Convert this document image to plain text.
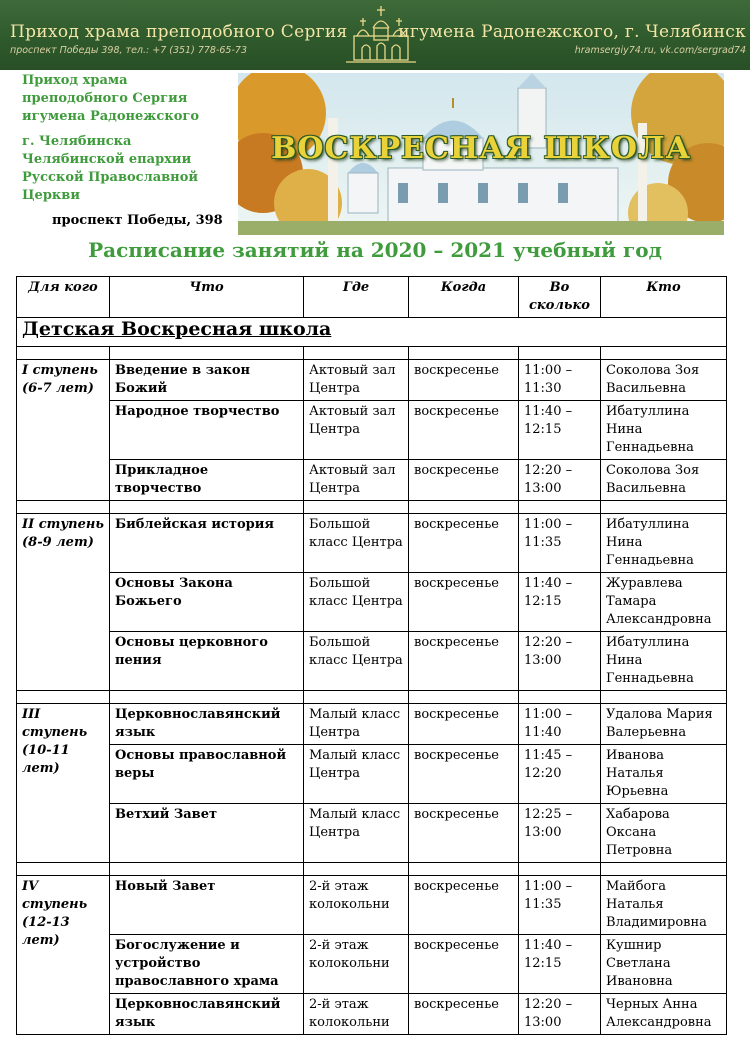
Приход храма преподобного Сергия	игумена Радонежского, г. Челябинск
проспект Победы 398, тел.: +7 (351) 778-65-73	hramsergiy74.ru, vk.com/sergrad74
Приход храма преподобного Сергия игумена Радонежского
г. Челябинска Челябинской епархии Русской Православной Церкви
проспект Победы, 398
ВОСКРЕСНАЯ ШКОЛА
Расписание занятий на 2020 – 2021 учебный год
Для кого	Что	Где	Когда	Во сколько	Кто
Детская Воскресная школа					

I ступень (6-7 лет)	Введение в закон Божий	Актовый зал Центра	воскресенье	11:00 – 11:30	Соколова Зоя Васильевна
	Народное творчество	Актовый зал Центра	воскресенье	11:40 – 12:15	Ибатуллина Нина Геннадьевна
	Прикладное творчество	Актовый зал Центра	воскресенье	12:20 – 13:00	Соколова Зоя Васильевна

II ступень (8-9 лет)	Библейская история	Большой класс Центра	воскресенье	11:00 – 11:35	Ибатуллина Нина Геннадьевна
	Основы Закона Божьего	Большой класс Центра	воскресенье	11:40 – 12:15	Журавлева Тамара Александровна
	Основы церковного пения	Большой класс Центра	воскресенье	12:20 – 13:00	Ибатуллина Нина Геннадьевна

III ступень (10-11 лет)	Церковнославянский язык	Малый класс Центра	воскресенье	11:00 – 11:40	Удалова Мария Валерьевна
	Основы православной веры	Малый класс Центра	воскресенье	11:45 – 12:20	Иванова Наталья Юрьевна
	Ветхий Завет	Малый класс Центра	воскресенье	12:25 – 13:00	Хабарова Оксана Петровна

IV ступень (12-13 лет)	Новый Завет	2-й этаж колокольни	воскресенье	11:00 – 11:35	Майбога Наталья Владимировна
	Богослужение и устройство православного храма	2-й этаж колокольни	воскресенье	11:40 – 12:15	Кушнир Светлана Ивановна
	Церковнославянский язык	2-й этаж колокольни	воскресенье	12:20 – 13:00	Черных Анна Александровна
